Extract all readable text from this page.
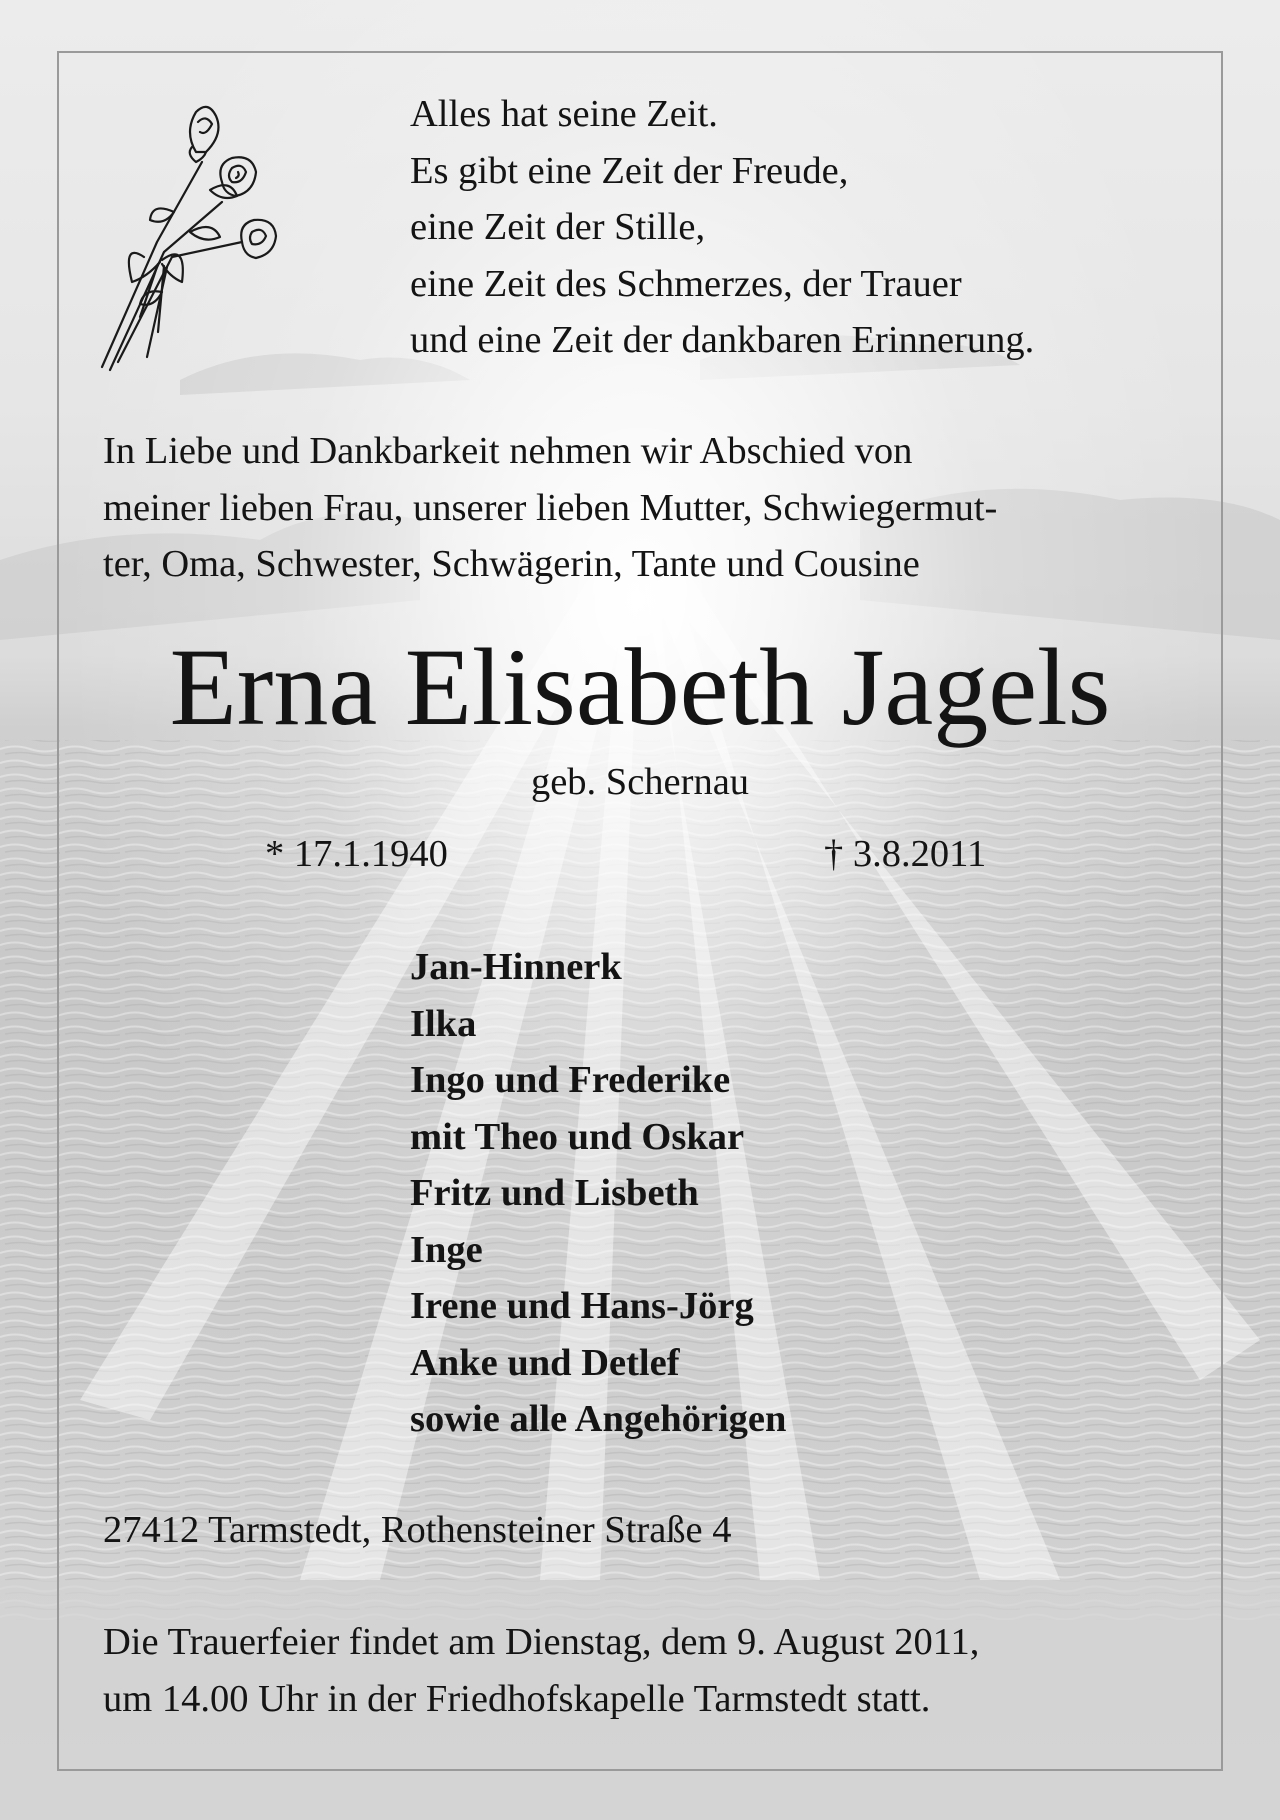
Alles hat seine Zeit.
Es gibt eine Zeit der Freude,
eine Zeit der Stille,
eine Zeit des Schmerzes, der Trauer
und eine Zeit der dankbaren Erinnerung.
In Liebe und Dankbarkeit nehmen wir Abschied von
meiner lieben Frau, unserer lieben Mutter, Schwiegermut-
ter, Oma, Schwester, Schwägerin, Tante und Cousine
Erna Elisabeth Jagels
geb. Schernau
* 17.1.1940	† 3.8.2011
Jan-Hinnerk
Ilka
Ingo und Frederike
mit Theo und Oskar
Fritz und Lisbeth
Inge
Irene und Hans-Jörg
Anke und Detlef
sowie alle Angehörigen
27412 Tarmstedt, Rothensteiner Straße 4
Die Trauerfeier findet am Dienstag, dem 9. August 2011,
um 14.00 Uhr in der Friedhofskapelle Tarmstedt statt.
